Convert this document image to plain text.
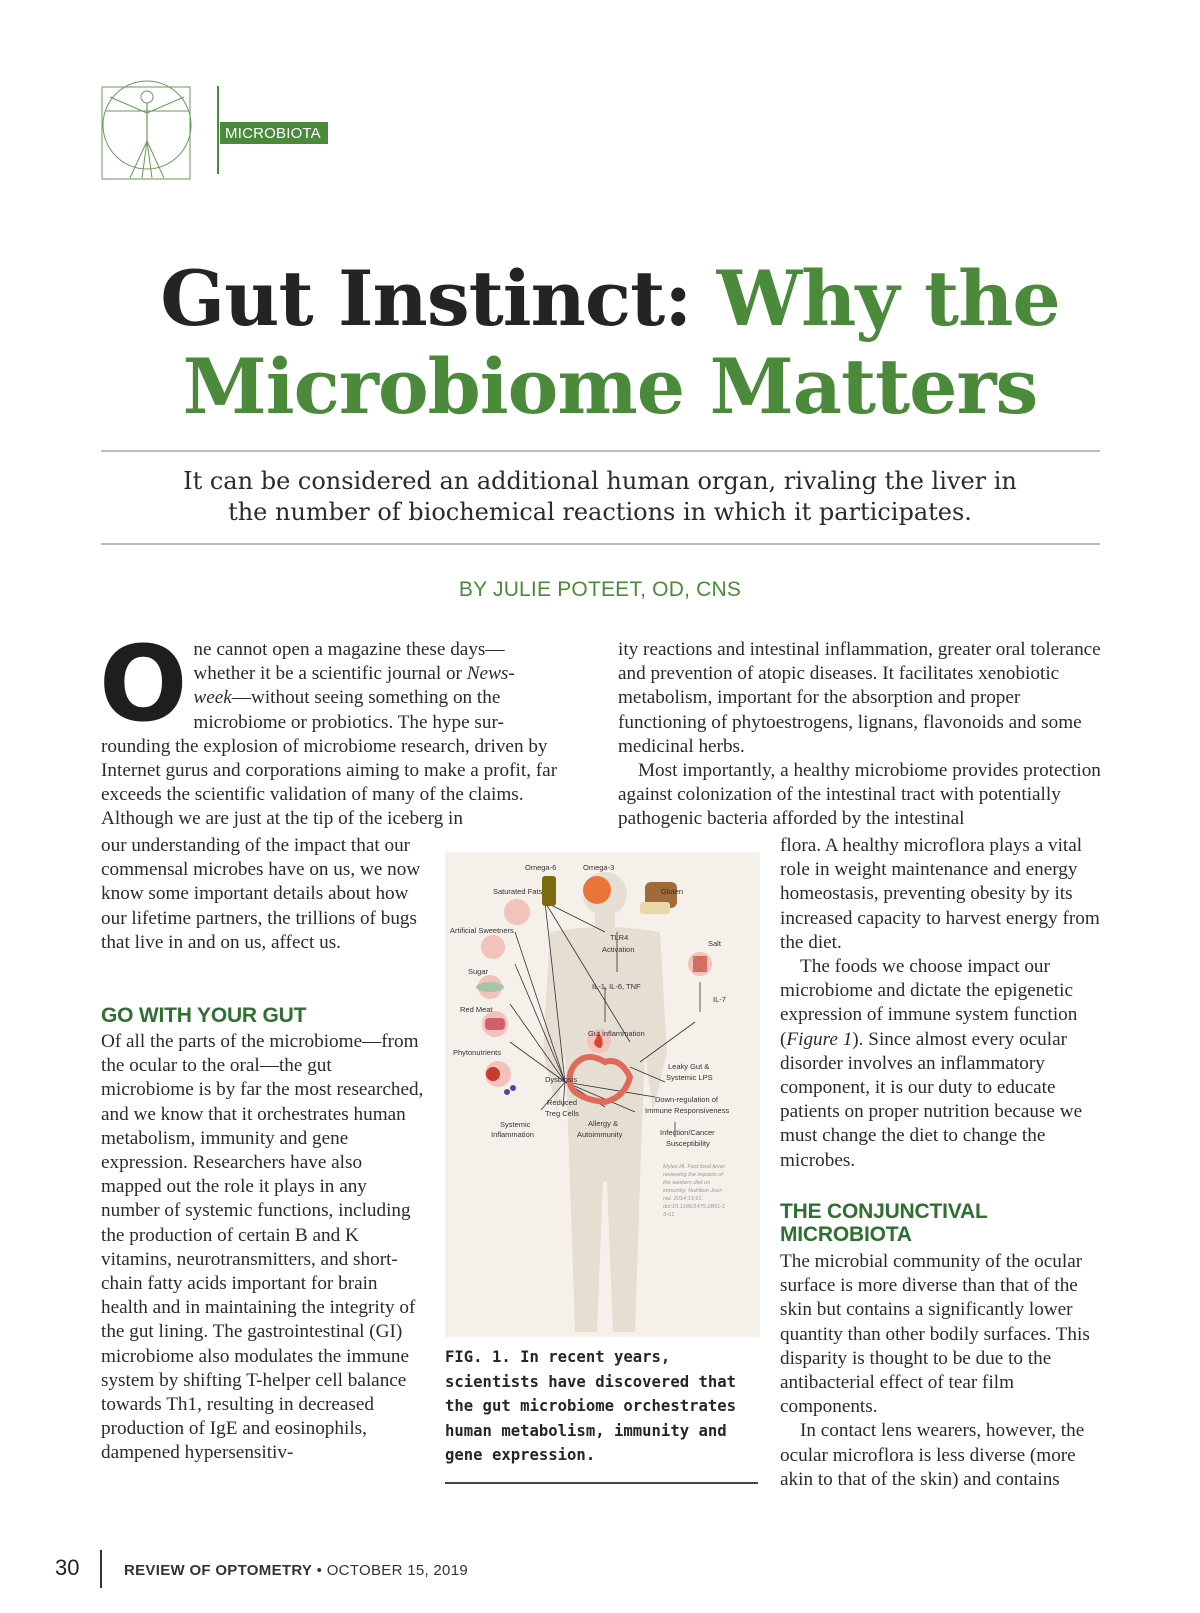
MICROBIOTA
Gut Instinct: Why the
Microbiome Matters
It can be considered an additional human organ, rivaling the liver in
the number of biochemical reactions in which it participates.
BY JULIE POTEET, OD, CNS
O ne cannot open a magazine these days—
whether it be a scientific journal or News-
week—without seeing something on the
microbiome or probiotics. The hype sur-
rounding the explosion of microbiome research, driven by Internet gurus and corporations aiming to make a profit, far exceeds the scientific validation of many of the claims. Although we are just at the tip of the iceberg in

our understanding of the impact that our commensal microbes have on us, we now know some important details about how our lifetime partners, the trillions of bugs that live in and on us, affect us.

GO WITH YOUR GUT

Of all the parts of the microbiome—from the ocular to the oral—the gut microbiome is by far the most researched, and we know that it orchestrates human metabolism, immunity and gene expression. Researchers have also mapped out the role it plays in any number of systemic functions, including the production of certain B and K vitamins, neurotransmitters, and short-chain fatty acids important for brain health and in maintaining the integrity of the gut lining. The gastrointestinal (GI) microbiome also modulates the immune system by shifting T-helper cell balance towards Th1, resulting in decreased production of IgE and eosinophils, dampened hypersensitiv-

ity reactions and intestinal inflammation, greater oral tolerance and prevention of atopic diseases. It facilitates xenobiotic metabolism, important for the absorption and proper functioning of phytoestrogens, lignans, flavonoids and some medicinal herbs.

Most importantly, a healthy microbiome provides protection against colonization of the intestinal tract with potentially pathogenic bacteria afforded by the intestinal

flora. A healthy microflora plays a vital role in weight maintenance and energy homeostasis, preventing obesity by its increased capacity to harvest energy from the diet.

The foods we choose impact our microbiome and dictate the epigenetic expression of immune system function (Figure 1). Since almost every ocular disorder involves an inflammatory component, it is our duty to educate patients on proper nutrition because we must change the diet to change the microbes.

THE CONJUNCTIVAL MICROBIOTA

The microbial community of the ocular surface is more diverse than that of the skin but contains a significantly lower quantity than other bodily surfaces. This disparity is thought to be due to the antibacterial effect of tear film components.

In contact lens wearers, however, the ocular microflora is less diverse (more akin to that of the skin) and contains

Omega-6	Omega-3
Saturated Fats	Gluten
Artificial Sweetners
TLR4
Activation
Salt
Sugar
IL-1, IL-6, TNF
IL-7
Red Meat
Gut inflammation
Phytonutrients
Leaky Gut &
Systemic LPS
Dysbiosis
Reduced
Treg Cells
Down-regulation of
Immune Responsiveness
Systemic
Inflammation
Allergy &
Autoimmunity	Infection/Cancer
Susceptibility
Myles IA. Fast food fever:
reviewing the impacts of
the western diet on
immunity. Nutrition Jour-
nal. 2014;13:61.
doi:10.1186/1475-2891-1
3-61.
FIG. 1. In recent years, scientists have discovered that the gut microbiome orchestrates human metabolism, immunity and gene expression.
30	REVIEW OF OPTOMETRY • OCTOBER 15, 2019
